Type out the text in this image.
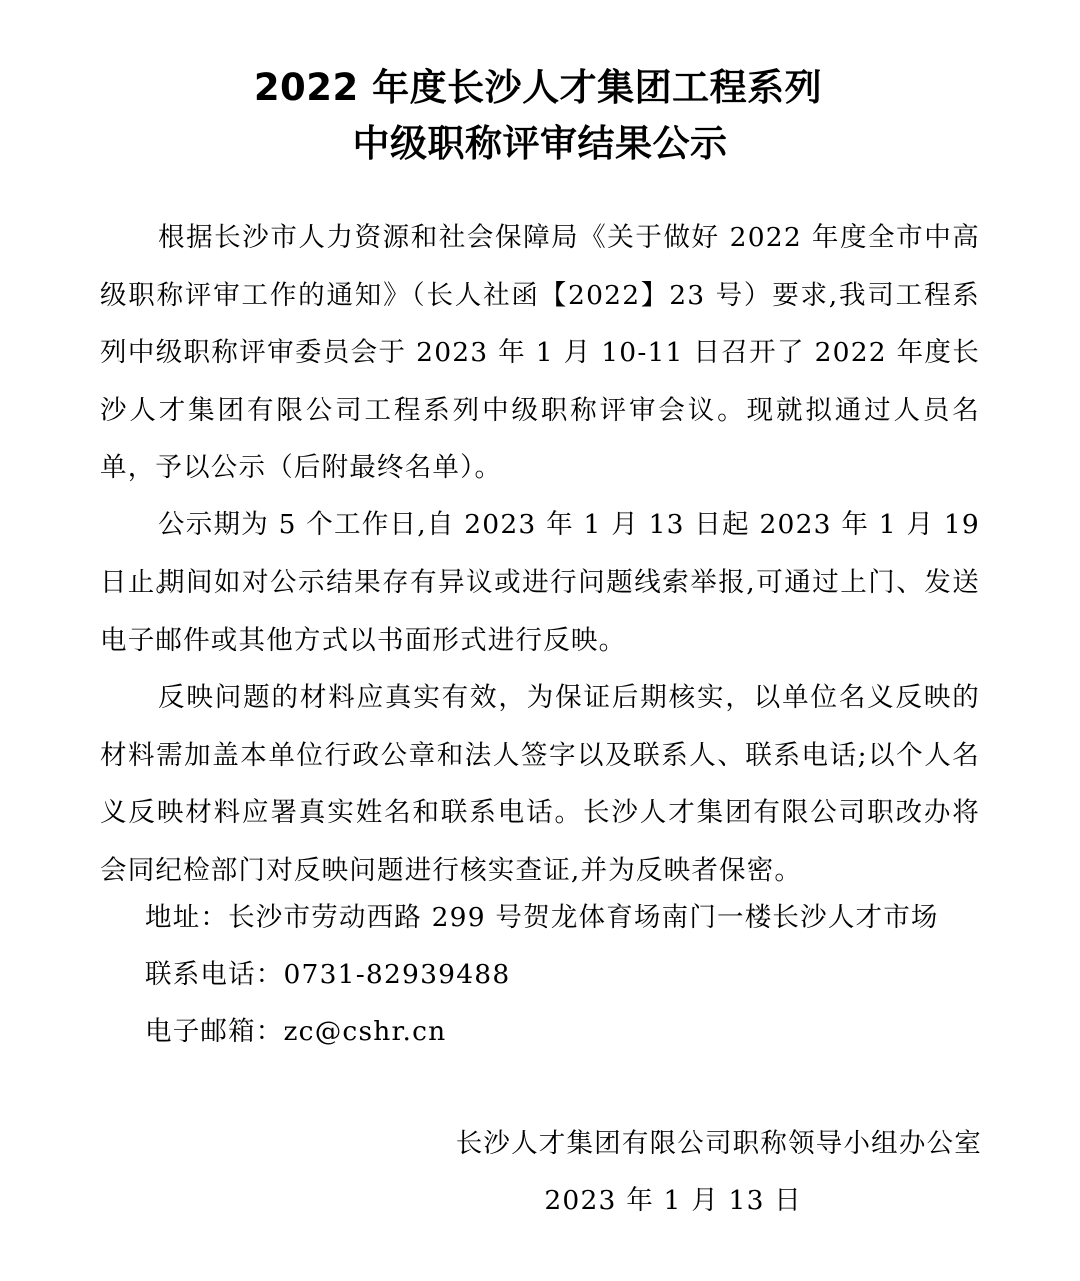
2022 年度长沙人才集团工程系列
中级职称评审结果公示

根据长沙市人力资源和社会保障局《关于做好 2022 年度全市中高级职称评审工作的通知》（长人社函【2022】23 号）要求,我司工程系列中级职称评审委员会于 2023 年 1 月 10-11 日召开了 2022 年度长沙人才集团有限公司工程系列中级职称评审会议。现就拟通过人员名单，予以公示（后附最终名单）。

公示期为 5 个工作日,自 2023 年 1 月 13 日起 2023 年 1 月 19 日止。

期间如对公示结果存有异议或进行问题线索举报,可通过上门、发送电子邮件或其他方式以书面形式进行反映。

反映问题的材料应真实有效，为保证后期核实，以单位名义反映的材料需加盖本单位行政公章和法人签字以及联系人、联系电话;以个人名义反映材料应署真实姓名和联系电话。长沙人才集团有限公司职改办将会同纪检部门对反映问题进行核实查证,并为反映者保密。

地址：长沙市劳动西路 299 号贺龙体育场南门一楼长沙人才市场

联系电话：0731-82939488

电子邮箱：zc@cshr.cn

长沙人才集团有限公司职称领导小组办公室

2023 年 1 月 13 日
